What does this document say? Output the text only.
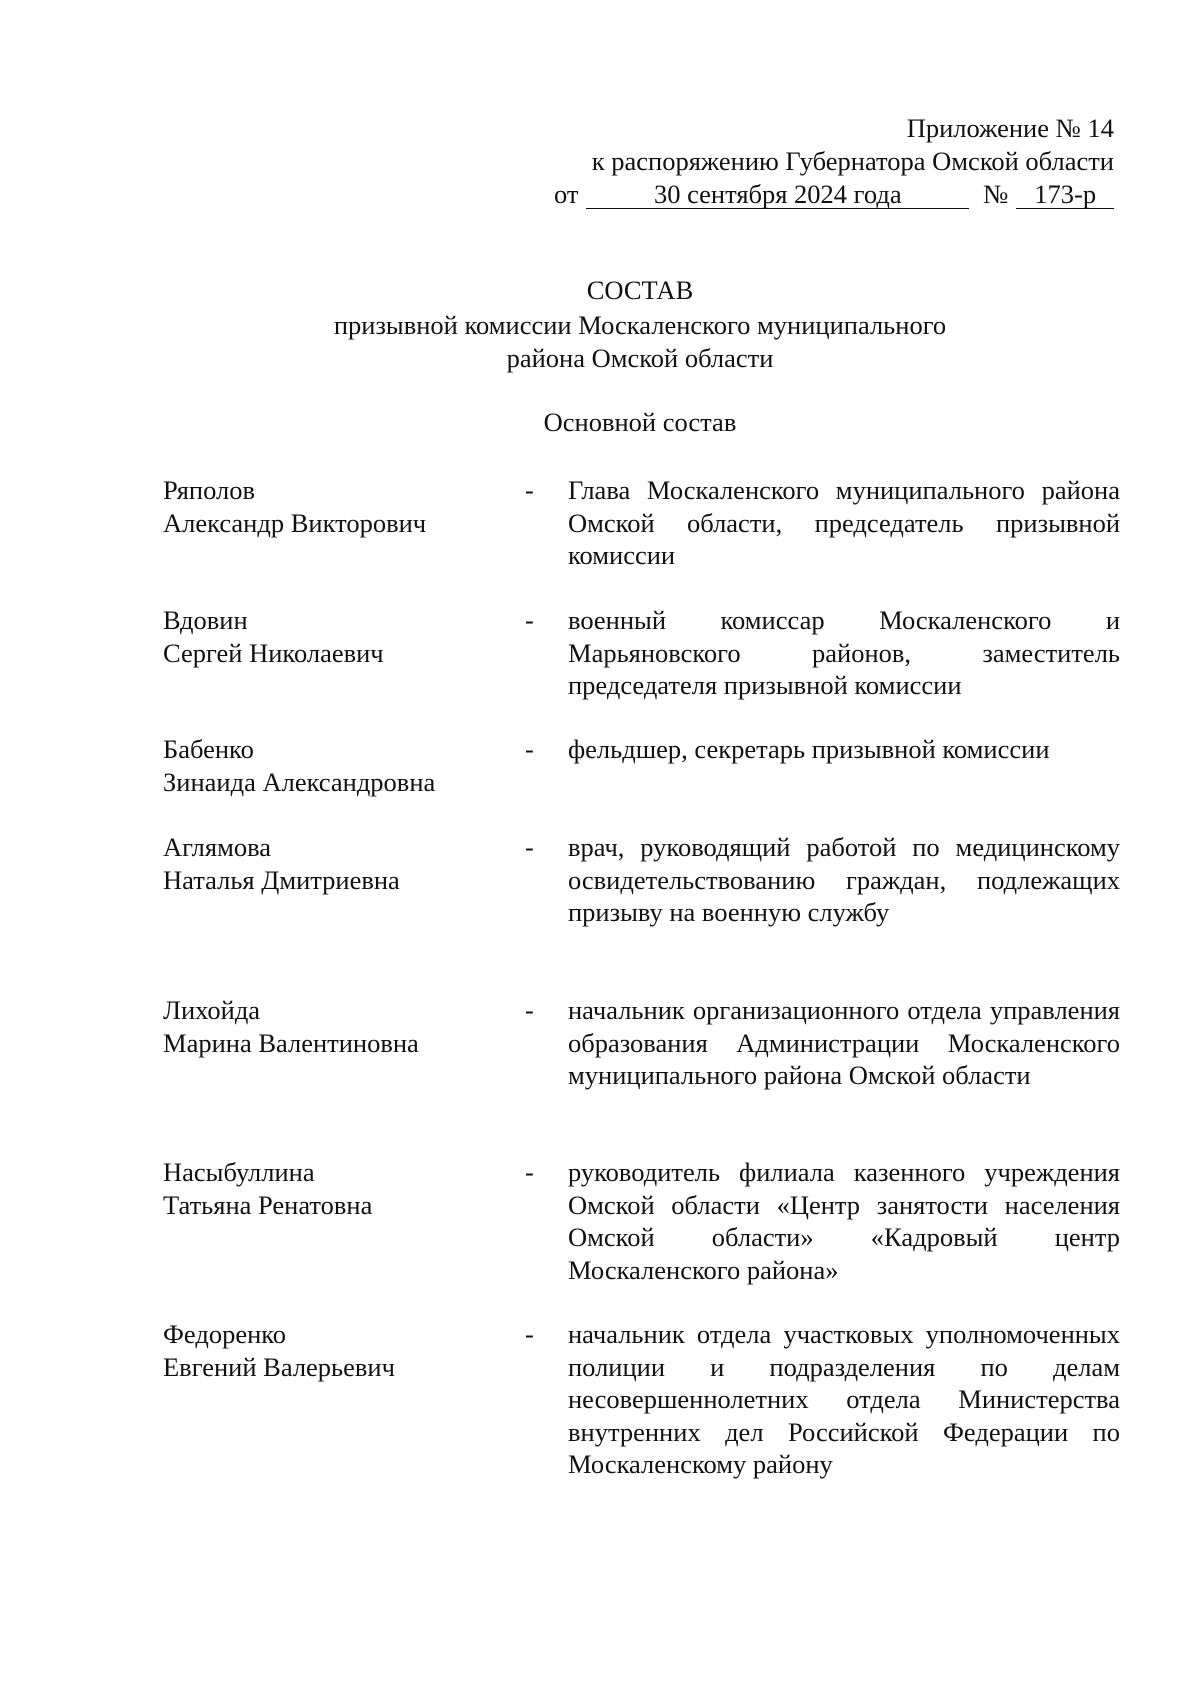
Приложение № 14
к распоряжению Губернатора Омской области
от	30 сентября 2024 года	№ 173-р
СОСТАВ
призывной комиссии Москаленского муниципального
района Омской области
Основной состав
Ряполов
Александр Викторович
- Глава Москаленского муниципального района Омской области, председатель призывной комиссии
Вдовин
Сергей Николаевич
- военный комиссар Москаленского и Марьяновского районов, заместитель председателя призывной комиссии
Бабенко
Зинаида Александровна
- фельдшер, секретарь призывной комиссии
Аглямова
Наталья Дмитриевна
- врач, руководящий работой по медицинскому освидетельствованию граждан, подлежащих призыву на военную службу
Лихойда
Марина Валентиновна
- начальник организационного отдела управления образования Администрации Москаленского муниципального района Омской области
Насыбуллина
Татьяна Ренатовна
- руководитель филиала казенного учреждения Омской области «Центр занятости населения Омской области» «Кадровый центр Москаленского района»
Федоренко
Евгений Валерьевич
- начальник отдела участковых уполномоченных полиции и подразделения по делам несовершеннолетних отдела Министерства внутренних дел Российской Федерации по Москаленскому району
